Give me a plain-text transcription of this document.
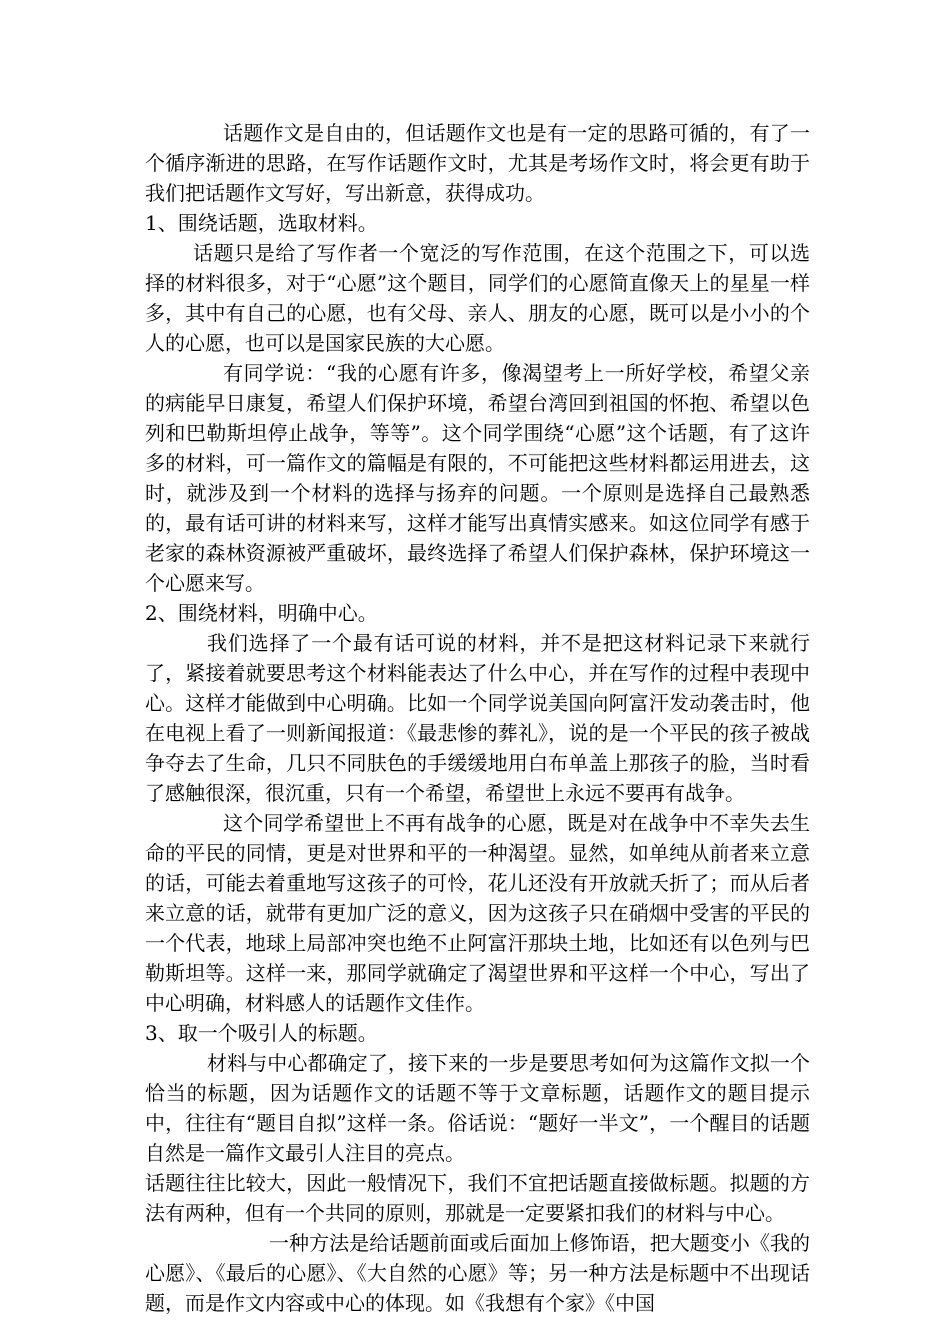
话题作文是自由的，但话题作文也是有一定的思路可循的，有了一个循序渐进的思路，在写作话题作文时，尤其是考场作文时，将会更有助于我们把话题作文写好，写出新意，获得成功。

1、围绕话题，选取材料。

话题只是给了写作者一个宽泛的写作范围，在这个范围之下，可以选择的材料很多，对于“心愿”这个题目，同学们的心愿简直像天上的星星一样多，其中有自己的心愿，也有父母、亲人、朋友的心愿，既可以是小小的个人的心愿，也可以是国家民族的大心愿。

有同学说：“我的心愿有许多，像渴望考上一所好学校，希望父亲的病能早日康复，希望人们保护环境，希望台湾回到祖国的怀抱、希望以色列和巴勒斯坦停止战争，等等”。这个同学围绕“心愿”这个话题，有了这许多的材料，可一篇作文的篇幅是有限的，不可能把这些材料都运用进去，这时，就涉及到一个材料的选择与扬弃的问题。一个原则是选择自己最熟悉的，最有话可讲的材料来写，这样才能写出真情实感来。如这位同学有感于老家的森林资源被严重破坏，最终选择了希望人们保护森林，保护环境这一个心愿来写。

2、围绕材料，明确中心。

我们选择了一个最有话可说的材料，并不是把这材料记录下来就行了，紧接着就要思考这个材料能表达了什么中心，并在写作的过程中表现中心。这样才能做到中心明确。比如一个同学说美国向阿富汗发动袭击时，他在电视上看了一则新闻报道：《最悲惨的葬礼》，说的是一个平民的孩子被战争夺去了生命，几只不同肤色的手缓缓地用白布单盖上那孩子的脸，当时看了感触很深，很沉重，只有一个希望，希望世上永远不要再有战争。

这个同学希望世上不再有战争的心愿，既是对在战争中不幸失去生命的平民的同情，更是对世界和平的一种渴望。显然，如单纯从前者来立意的话，可能去着重地写这孩子的可怜，花儿还没有开放就夭折了；而从后者来立意的话，就带有更加广泛的意义，因为这孩子只在硝烟中受害的平民的一个代表，地球上局部冲突也绝不止阿富汗那块土地，比如还有以色列与巴勒斯坦等。这样一来，那同学就确定了渴望世界和平这样一个中心，写出了中心明确，材料感人的话题作文佳作。

3、取一个吸引人的标题。

材料与中心都确定了，接下来的一步是要思考如何为这篇作文拟一个恰当的标题，因为话题作文的话题不等于文章标题，话题作文的题目提示中，往往有“题目自拟”这样一条。俗话说：“题好一半文”，一个醒目的话题自然是一篇作文最引人注目的亮点。

话题往往比较大，因此一般情况下，我们不宜把话题直接做标题。拟题的方法有两种，但有一个共同的原则，那就是一定要紧扣我们的材料与中心。

一种方法是给话题前面或后面加上修饰语，把大题变小《我的心愿》、《最后的心愿》、《大自然的心愿》等；另一种方法是标题中不出现话题，而是作文内容或中心的体现。如《我想有个家》《中国
